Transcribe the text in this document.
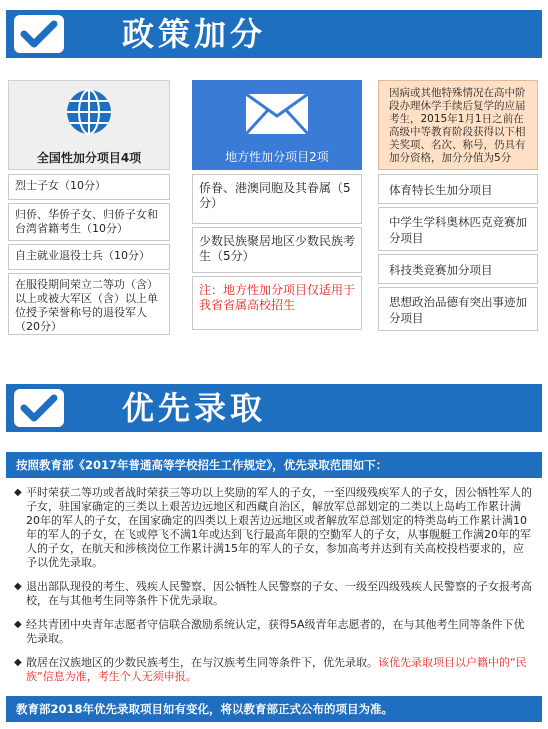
政策加分
全国性加分项目4项
烈士子女（10分）
归侨、华侨子女、归侨子女和台湾省籍考生（10分）
自主就业退役士兵（10分）
在服役期间荣立二等功（含）以上或被大军区（含）以上单位授予荣誉称号的退役军人（20分）
地方性加分项目2项
侨眷、港澳同胞及其眷属（5分）
少数民族聚居地区少数民族考生（5分）
注：地方性加分项目仅适用于我省省属高校招生
因病或其他特殊情况在高中阶段办理休学手续后复学的应届考生，2015年1月1日之前在高级中等教育阶段获得以下相关奖项、名次、称号，仍具有加分资格，加分分值为5分
体育特长生加分项目
中学生学科奥林匹克竞赛加分项目
科技类竞赛加分项目
思想政治品德有突出事迹加分项目
优先录取
按照教育部《2017年普通高等学校招生工作规定》，优先录取范围如下：
◆ 平时荣获二等功或者战时荣获三等功以上奖励的军人的子女，一至四级残疾军人的子女，因公牺牲军人的子女，驻国家确定的三类以上艰苦边远地区和西藏自治区，解放军总部划定的二类以上岛屿工作累计满20年的军人的子女，在国家确定的四类以上艰苦边远地区或者解放军总部划定的特类岛屿工作累计满10年的军人的子女，在飞或停飞不满1年或达到飞行最高年限的空勤军人的子女，从事舰艇工作满20年的军人的子女，在航天和涉核岗位工作累计满15年的军人的子女，参加高考并达到有关高校投档要求的，应予以优先录取。
◆ 退出部队现役的考生、残疾人民警察、因公牺牲人民警察的子女、一级至四级残疾人民警察的子女报考高校，在与其他考生同等条件下优先录取。
◆ 经共青团中央青年志愿者守信联合激励系统认定，获得5A级青年志愿者的，在与其他考生同等条件下优先录取。
◆ 散居在汉族地区的少数民族考生，在与汉族考生同等条件下，优先录取。该优先录取项目以户籍中的“民族”信息为准，考生个人无须申报。
教育部2018年优先录取项目如有变化，将以教育部正式公布的项目为准。
